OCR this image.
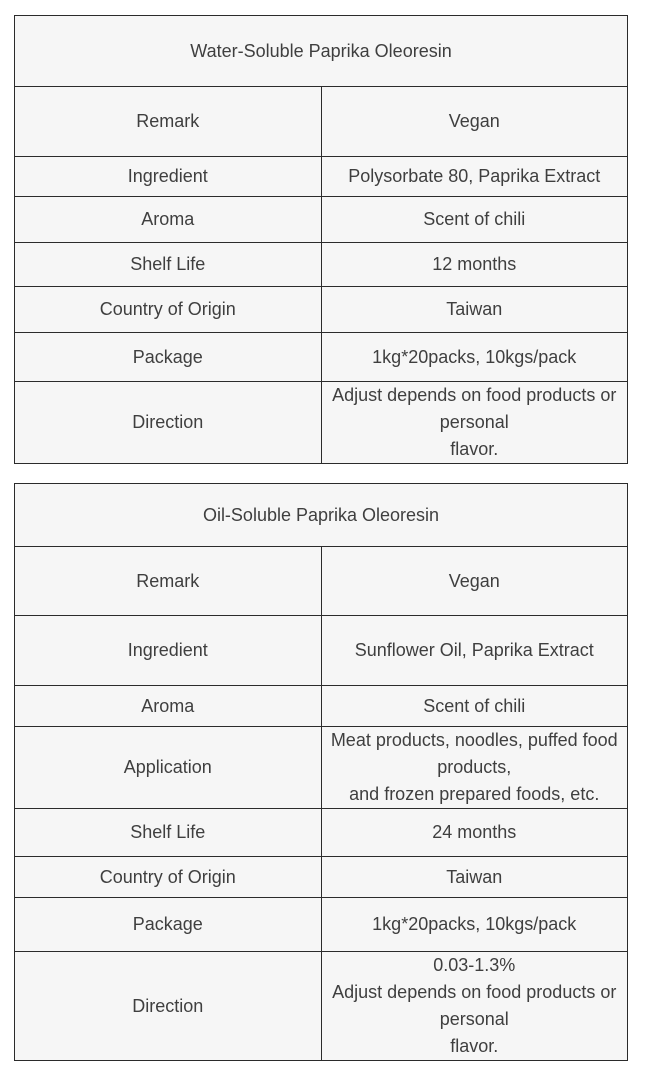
Water-Soluble Paprika Oleoresin	
Remark	Vegan

Ingredient	Polysorbate 80, Paprika Extract

Aroma	Scent of chili

Shelf Life	12 months

Country of Origin	Taiwan

Package	1kg*20packs, 10kgs/pack

Direction	Adjust depends on food products or personal
flavor.
Oil-Soluble Paprika Oleoresin	
Remark	Vegan

Ingredient	Sunflower Oil, Paprika Extract

Aroma	Scent of chili

Application	Meat products, noodles, puffed food products,
and frozen prepared foods, etc.

Shelf Life	24 months

Country of Origin	Taiwan

Package	1kg*20packs, 10kgs/pack

Direction	0.03-1.3%
Adjust depends on food products or personal
flavor.
